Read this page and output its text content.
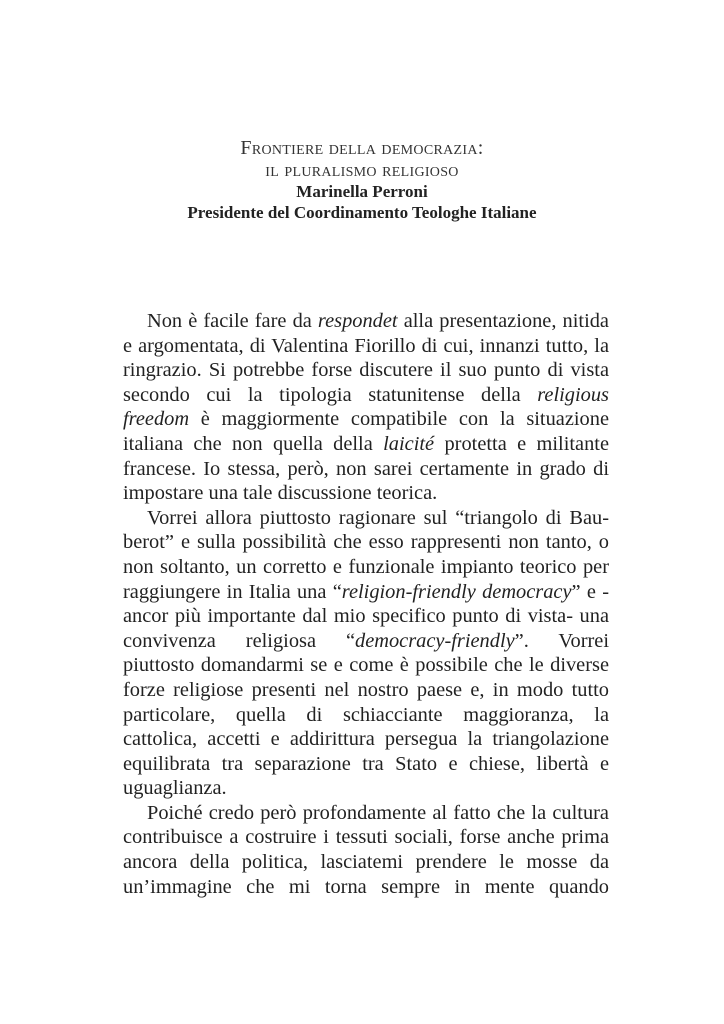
Frontiere della democrazia:
il pluralismo religioso
Marinella Perroni
Presidente del Coordinamento Teologhe Italiane

Non è facile fare da respondet alla presentazione, nitida e argomentata, di Valentina Fiorillo di cui, innanzi tutto, la ringrazio. Si potrebbe forse discutere il suo punto di vista secondo cui la tipologia statunitense della religious freedom è maggiormente compatibile con la situazione italiana che non quella della laicité protetta e militante francese. Io stessa, però, non sarei certamente in grado di impostare una tale discussione teorica.

Vorrei allora piuttosto ragionare sul “triangolo di Bauberot” e sulla possibilità che esso rappresenti non tanto, o non soltanto, un corretto e funzionale impianto teorico per raggiungere in Italia una “religion-friendly democracy” e -ancor più importante dal mio specifico punto di vista- una convivenza religiosa “democracy-friendly”. Vorrei piuttosto domandarmi se e come è possibile che le diverse forze religiose presenti nel nostro paese e, in modo tutto particolare, quella di schiacciante maggioranza, la cattolica, accetti e addirittura persegua la triangolazione equilibrata tra separazione tra Stato e chiese, libertà e uguaglianza.

Poiché credo però profondamente al fatto che la cultura contribuisce a costruire i tessuti sociali, forse anche prima ancora della politica, lasciatemi prendere le mosse da un’immagine che mi torna sempre in mente quando
